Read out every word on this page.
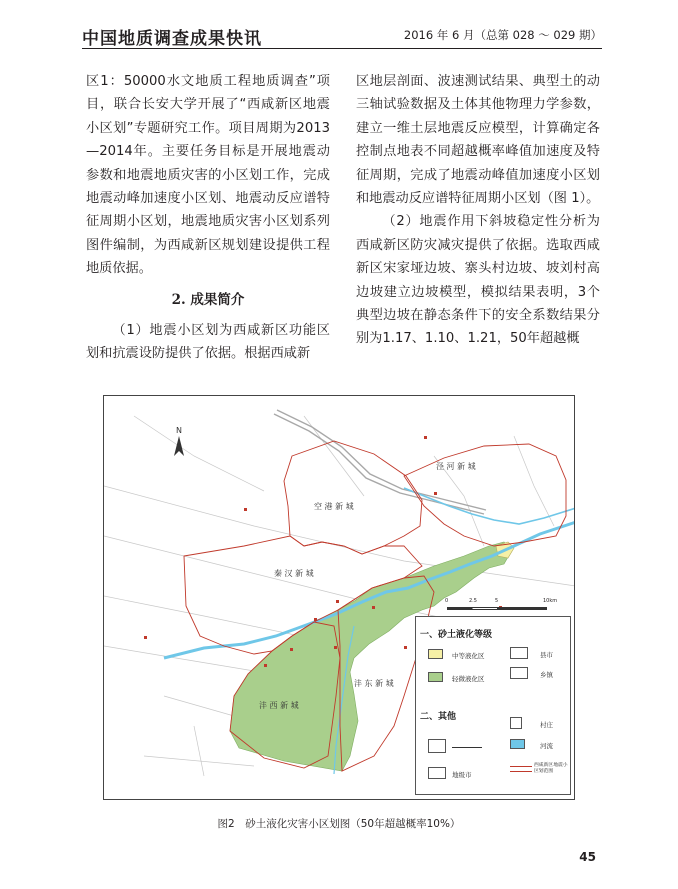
中国地质调查成果快讯	2016 年 6 月（总第 028 ～ 029 期）

区1：50000水文地质工程地质调查”项目，联合长安大学开展了“西咸新区地震小区划”专题研究工作。项目周期为2013—2014年。主要任务目标是开展地震动参数和地震地质灾害的小区划工作，完成地震动峰加速度小区划、地震动反应谱特征周期小区划，地震地质灾害小区划系列图件编制，为西咸新区规划建设提供工程地质依据。

2. 成果简介

（1）地震小区划为西咸新区功能区划和抗震设防提供了依据。根据西咸新

区地层剖面、波速测试结果、典型土的动三轴试验数据及土体其他物理力学参数，建立一维土层地震反应模型，计算确定各控制点地表不同超越概率峰值加速度及特征周期，完成了地震动峰值加速度小区划和地震动反应谱特征周期小区划（图 1）。

（2）地震作用下斜坡稳定性分析为西咸新区防灾减灾提供了依据。选取西咸新区宋家垭边坡、寨头村边坡、坡刘村高边坡建立边坡模型，模拟结果表明，3个典型边坡在静态条件下的安全系数结果分别为1.17、1.10、1.21，50年超越概

N
泾 河 新 城
空 港 新 城
秦 汉 新 城
沣 西 新 城
沣 东 新 城
0	2.5	5	10km
一、砂土液化等级
中等液化区
轻微液化区
县市
乡镇
二、其他
村庄
河流
地级市
西咸新区地震小区划范围
图2　砂土液化灾害小区划图（50年超越概率10%）
45
